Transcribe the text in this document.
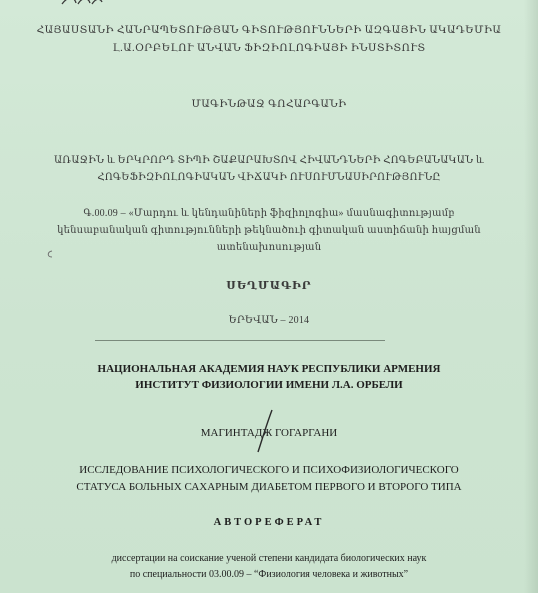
ՀԱՅԱՍՏԱՆԻ ՀԱՆՐԱՊԵՏՈՒԹՅԱՆ ԳԻՏՈՒԹՅՈՒՆՆԵՐԻ ԱԶԳԱՅԻՆ ԱԿԱԴԵՄԻԱ
Լ.Ա.ՕՐԲԵԼՈՒ ԱՆՎԱՆ ՖԻԶԻՈԼՈԳԻԱՅԻ ԻՆՍՏԻՏՈՒՏ
ՄԱԳԻՆԹԱՋ ԳՈՀԱՐԳԱՆԻ
ԱՌԱՋԻՆ և ԵՐԿՐՈՐԴ ՏԻՊԻ ՇԱՔԱՐԱԽՏՈՎ ՀԻՎԱՆԴՆԵՐԻ ՀՈԳԵԲԱՆԱԿԱՆ և
ՀՈԳԵՖԻԶԻՈԼՈԳԻԱԿԱՆ ՎԻՃԱԿԻ ՈՒՍՈՒՄՆԱՍԻՐՈՒԹՅՈՒՆԸ
Գ.00.09 – «Մարդու և կենդանիների ֆիզիոլոգիա» մասնագիտությամբ
կենսաբանական գիտությունների թեկնածուի գիտական աստիճանի հայցման
ատենախոսության
ՍԵՂՄԱԳԻՐ
ԵՐԵՎԱՆ – 2014
НАЦИОНАЛЬНАЯ АКАДЕМИЯ НАУК РЕСПУБЛИКИ АРМЕНИЯ
ИНСТИТУТ ФИЗИОЛОГИИ ИМЕНИ Л.А. ОРБЕЛИ
МАГИНТАДЖ ГОГАРГАНИ
ИССЛЕДОВАНИЕ ПСИХОЛОГИЧЕСКОГО И ПСИХОФИЗИОЛОГИЧЕСКОГО
СТАТУСА БОЛЬНЫХ САХАРНЫМ ДИАБЕТОМ ПЕРВОГО И ВТОРОГО ТИПА
АВТОРЕФЕРАТ
диссертации на соискание ученой степени кандидата биологических наук
по специальности 03.00.09 – “Физиология человека и животных”
